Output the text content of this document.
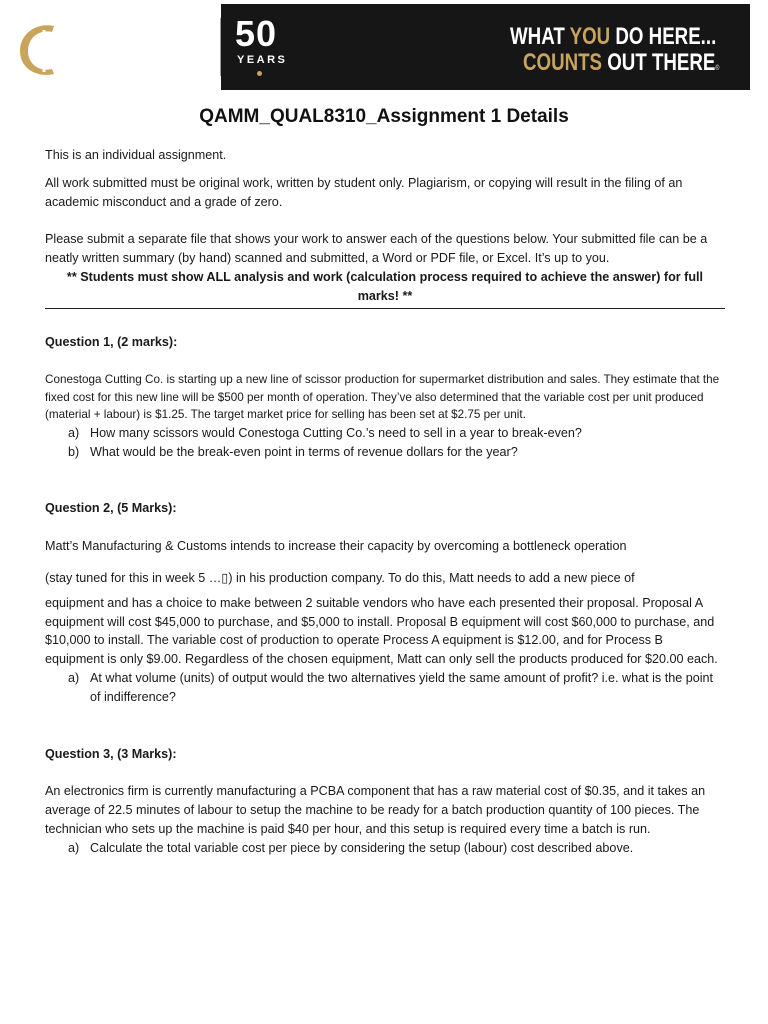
50
YEARS
WHAT YOU DO HERE...
COUNTS OUT THERE®
QAMM_QUAL8310_Assignment 1 Details

This is an individual assignment.

All work submitted must be original work, written by student only. Plagiarism, or copying will result in the filing of an academic misconduct and a grade of zero.

Please submit a separate file that shows your work to answer each of the questions below. Your submitted file can be a neatly written summary (by hand) scanned and submitted, a Word or PDF file, or Excel. It’s up to you.

** Students must show ALL analysis and work (calculation process required to achieve the answer) for full marks! **

Question 1, (2 marks):

Conestoga Cutting Co. is starting up a new line of scissor production for supermarket distribution and sales. They estimate that the fixed cost for this new line will be $500 per month of operation. They’ve also determined that the variable cost per unit produced (material + labour) is $1.25. The target market price for selling has been set at $2.75 per unit.

a) How many scissors would Conestoga Cutting Co.’s need to sell in a year to break-even?
b) What would be the break-even point in terms of revenue dollars for the year?

Question 2, (5 Marks):

Matt’s Manufacturing & Customs intends to increase their capacity by overcoming a bottleneck operation

(stay tuned for this in week 5 …▯) in his production company. To do this, Matt needs to add a new piece of

equipment and has a choice to make between 2 suitable vendors who have each presented their proposal. Proposal A equipment will cost $45,000 to purchase, and $5,000 to install. Proposal B equipment will cost $60,000 to purchase, and $10,000 to install. The variable cost of production to operate Process A equipment is $12.00, and for Process B equipment is only $9.00. Regardless of the chosen equipment, Matt can only sell the products produced for $20.00 each.

a) At what volume (units) of output would the two alternatives yield the same amount of profit? i.e. what is the point of indifference?

Question 3, (3 Marks):

An electronics firm is currently manufacturing a PCBA component that has a raw material cost of $0.35, and it takes an average of 22.5 minutes of labour to setup the machine to be ready for a batch production quantity of 100 pieces. The technician who sets up the machine is paid $40 per hour, and this setup is required every time a batch is run.

a) Calculate the total variable cost per piece by considering the setup (labour) cost described above.
